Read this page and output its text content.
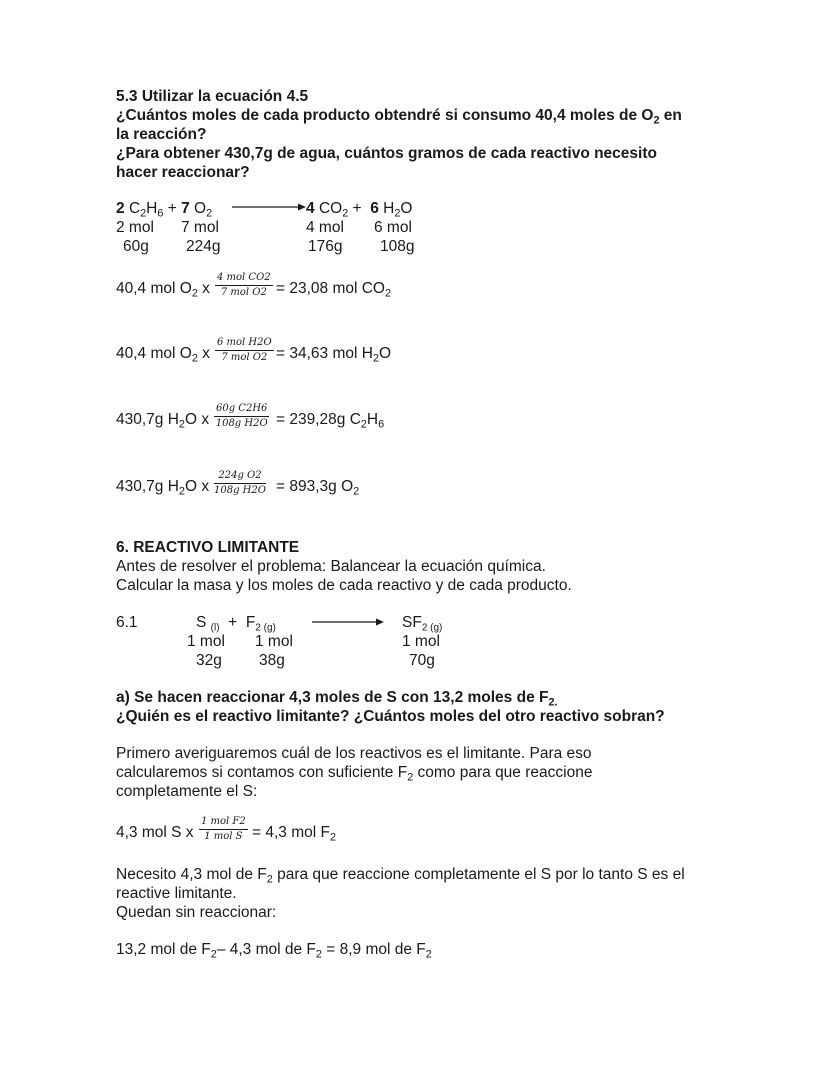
5.3 Utilizar la ecuación 4.5
¿Cuántos moles de cada producto obtendré si consumo 40,4 moles de $O_2$ en
la reacción?
¿Para obtener 430,7g de agua, cuántos gramos de cada reactivo necesito
hacer reaccionar?
2 $C_2H_6 + 7$ $O_2$	4 $CO_2 + 6$ $H_2O$
2 mol 7 mol	4 mol 6 mol
60g 224g	176g 108g
40,4 mol $O_2$ x
4 mol CO2
7 mol O2 = 23,08 mol $CO_2$
40,4 mol $O_2$ x
6 mol H2O
7 mol O2 = 34,63 mol $H_2O$
430,7g $H_2O$ x $\frac{\text{60g C2H6}}{\text{108g H2O}} = 239,28g$ $C_2H_6$
430,7g $H_2O$ x $\frac{\text{224g O2}}{\text{108g H2O}} = 893,3g$ $O_2$
6. REACTIVO LIMITANTE
Antes de resolver el problema: Balancear la ecuación química.
Calcular la masa y los moles de cada reactivo y de cada producto.
6.1	S $_{(l)} + F_{2 (g)}$	$SF_{2 (g)}$
1 mol 1 mol	1 mol
32g 38g	70g
a) Se hacen reaccionar 4,3 moles de S con 13,2 moles de $F_{2.}$
¿Quién es el reactivo limitante? ¿Cuántos moles del otro reactivo sobran?
Primero averiguaremos cuál de los reactivos es el limitante. Para eso
calcularemos si contamos con suficiente $F_2$ como para que reaccione
completamente el S:
4,3 mol S x
1 mol F2
1 mol S = 4,3 mol $F_2$
Necesito 4,3 mol de $F_2$ para que reaccione completamente el S por lo tanto S es el
reactive limitante.
Quedan sin reaccionar:
13,2 mol de $F_2-$ 4,3 mol de $F_2 = 8,9$ mol de $F_2$
